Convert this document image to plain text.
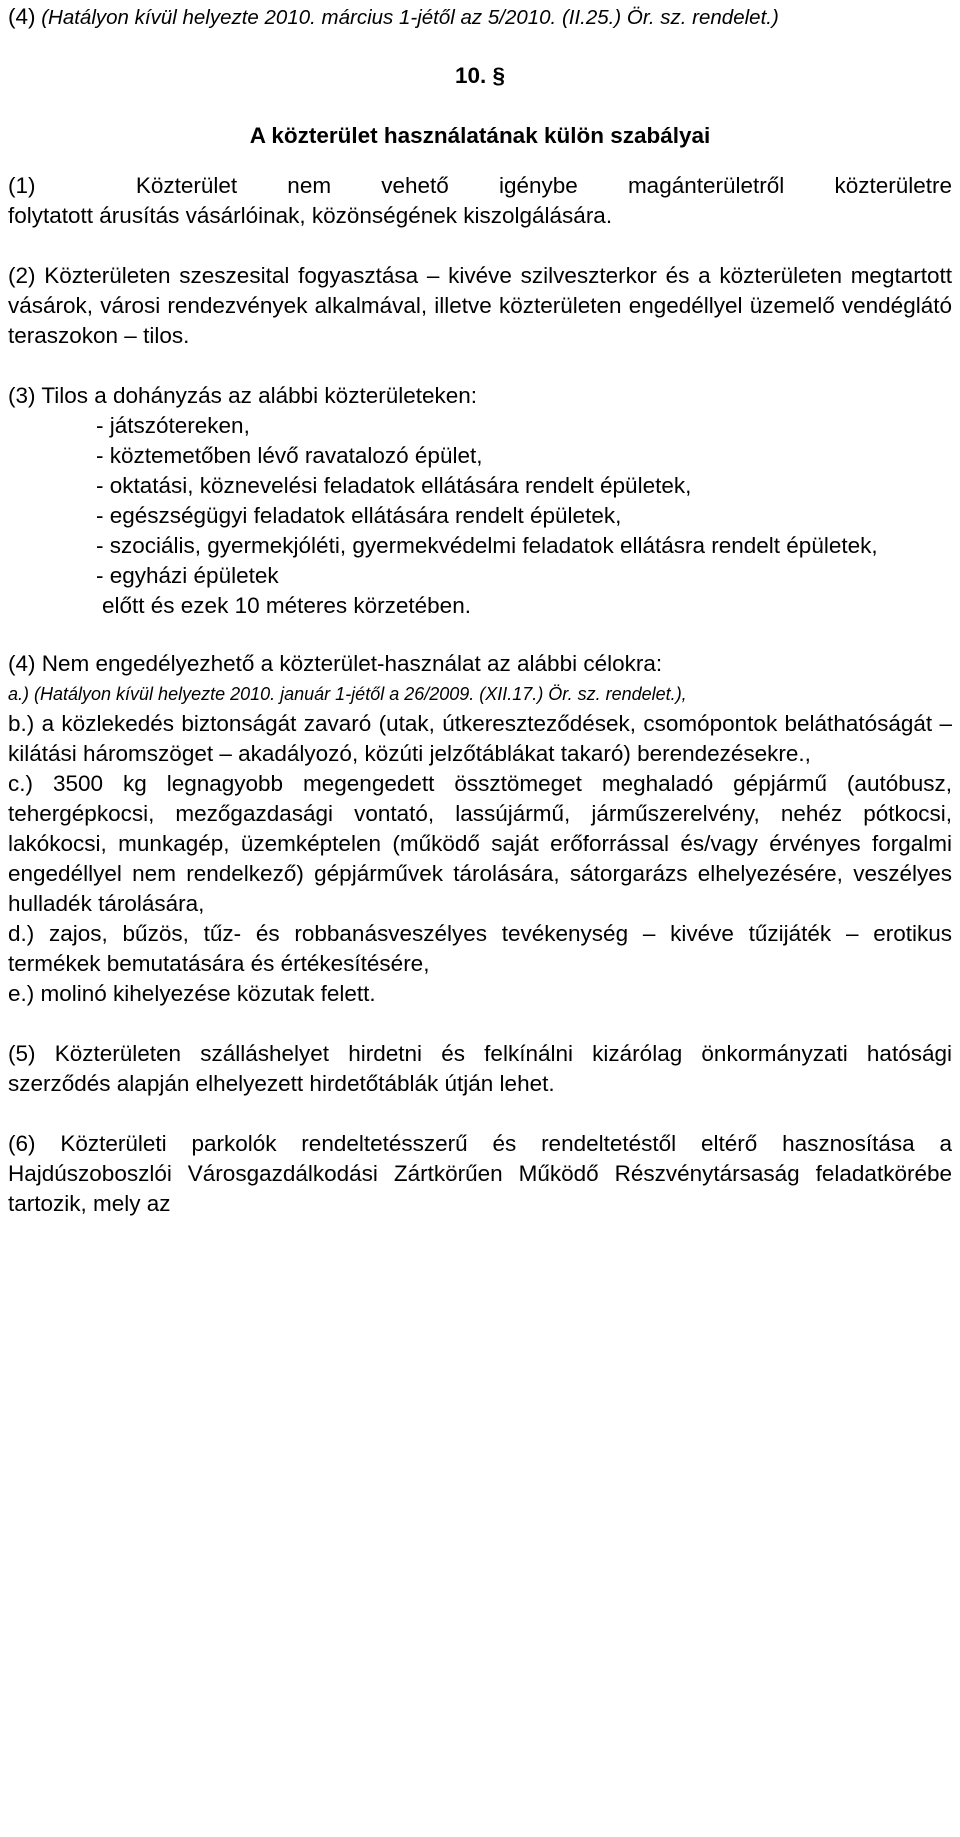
(4) (Hatályon kívül helyezte 2010. március 1-jétől az 5/2010. (II.25.) Ör. sz. rendelet.)

10. §

A közterület használatának külön szabályai

(1)  Közterület nem vehető igénybe magánterületről közterületre

folytatott árusítás vásárlóinak, közönségének kiszolgálására.

(2) Közterületen szeszesital fogyasztása – kivéve szilveszterkor és a közterületen megtartott vásárok, városi rendezvények alkalmával, illetve közterületen engedéllyel üzemelő vendéglátó teraszokon – tilos.

(3) Tilos a dohányzás az alábbi közterületeken:

- játszótereken,

- köztemetőben lévő ravatalozó épület,

- oktatási, köznevelési feladatok ellátására rendelt épületek,

- egészségügyi feladatok ellátására rendelt épületek,

- szociális, gyermekjóléti, gyermekvédelmi feladatok ellátásra rendelt épületek,

- egyházi épületek

előtt és ezek 10 méteres körzetében.

(4) Nem engedélyezhető a közterület-használat az alábbi célokra:

a.) (Hatályon kívül helyezte 2010. január 1-jétől a 26/2009. (XII.17.) Ör. sz. rendelet.),

b.) a közlekedés biztonságát zavaró (utak, útkereszteződések, csomópontok beláthatóságát – kilátási háromszöget – akadályozó, közúti jelzőtáblákat takaró) berendezésekre.,

c.) 3500 kg legnagyobb megengedett össztömeget meghaladó gépjármű (autóbusz, tehergépkocsi, mezőgazdasági vontató, lassújármű, járműszerelvény, nehéz pótkocsi, lakókocsi, munkagép, üzemképtelen (működő saját erőforrással és/vagy érvényes forgalmi engedéllyel nem rendelkező) gépjárművek tárolására, sátorgarázs elhelyezésére, veszélyes hulladék tárolására,

d.) zajos, bűzös, tűz- és robbanásveszélyes tevékenység – kivéve tűzijáték – erotikus termékek bemutatására és értékesítésére,

e.) molinó kihelyezése közutak felett.

(5) Közterületen szálláshelyet hirdetni és felkínálni kizárólag önkormányzati hatósági szerződés alapján elhelyezett hirdetőtáblák útján lehet.

(6) Közterületi parkolók rendeltetésszerű és rendeltetéstől eltérő hasznosítása a Hajdúszoboszlói Városgazdálkodási Zártkörűen Működő Részvénytársaság feladatkörébe tartozik, mely az
